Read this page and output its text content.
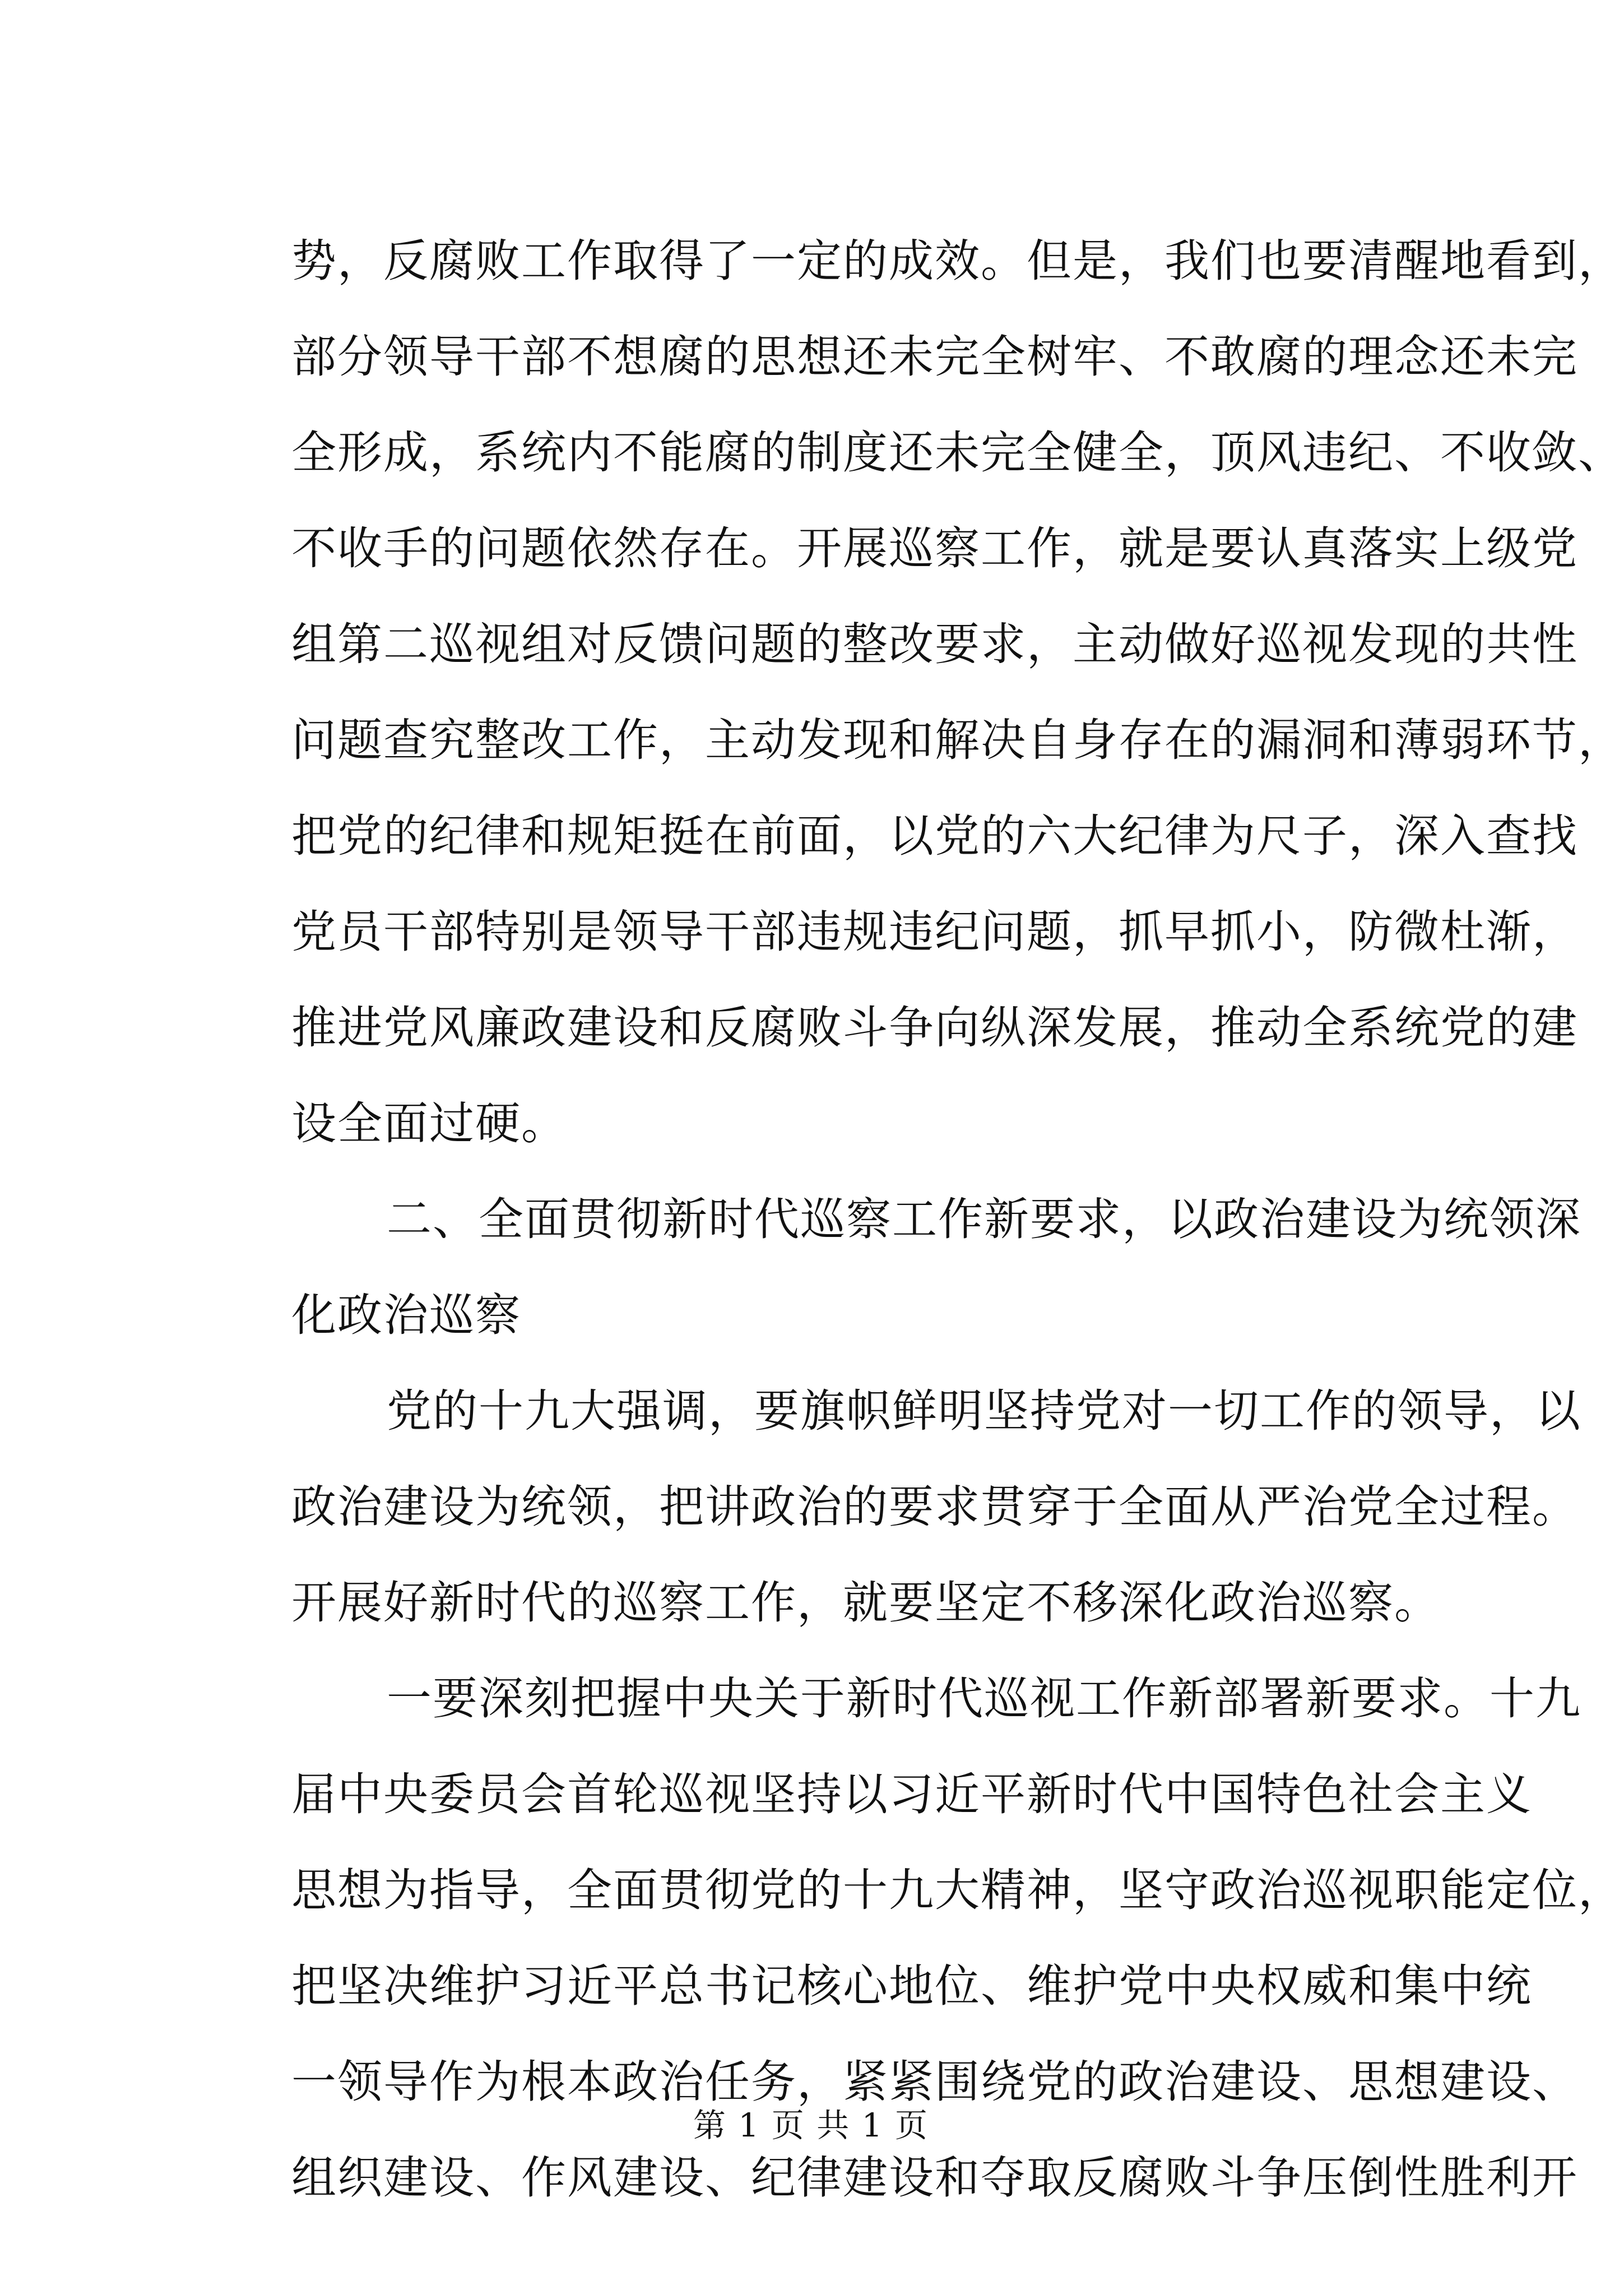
势，反腐败工作取得了一定的成效。但是，我们也要清醒地看到，
部分领导干部不想腐的思想还未完全树牢、不敢腐的理念还未完
全形成，系统内不能腐的制度还未完全健全，顶风违纪、不收敛、
不收手的问题依然存在。开展巡察工作，就是要认真落实上级党
组第二巡视组对反馈问题的整改要求，主动做好巡视发现的共性
问题查究整改工作，主动发现和解决自身存在的漏洞和薄弱环节，
把党的纪律和规矩挺在前面，以党的六大纪律为尺子，深入查找
党员干部特别是领导干部违规违纪问题，抓早抓小，防微杜渐，
推进党风廉政建设和反腐败斗争向纵深发展，推动全系统党的建
设全面过硬。
二、全面贯彻新时代巡察工作新要求，以政治建设为统领深
化政治巡察
党的十九大强调，要旗帜鲜明坚持党对一切工作的领导，以
政治建设为统领，把讲政治的要求贯穿于全面从严治党全过程。
开展好新时代的巡察工作，就要坚定不移深化政治巡察。
一要深刻把握中央关于新时代巡视工作新部署新要求。十九
届中央委员会首轮巡视坚持以习近平新时代中国特色社会主义
思想为指导，全面贯彻党的十九大精神，坚守政治巡视职能定位，
把坚决维护习近平总书记核心地位、维护党中央权威和集中统
一领导作为根本政治任务，紧紧围绕党的政治建设、思想建设、
组织建设、作风建设、纪律建设和夺取反腐败斗争压倒性胜利开
第 1 页 共 1 页
